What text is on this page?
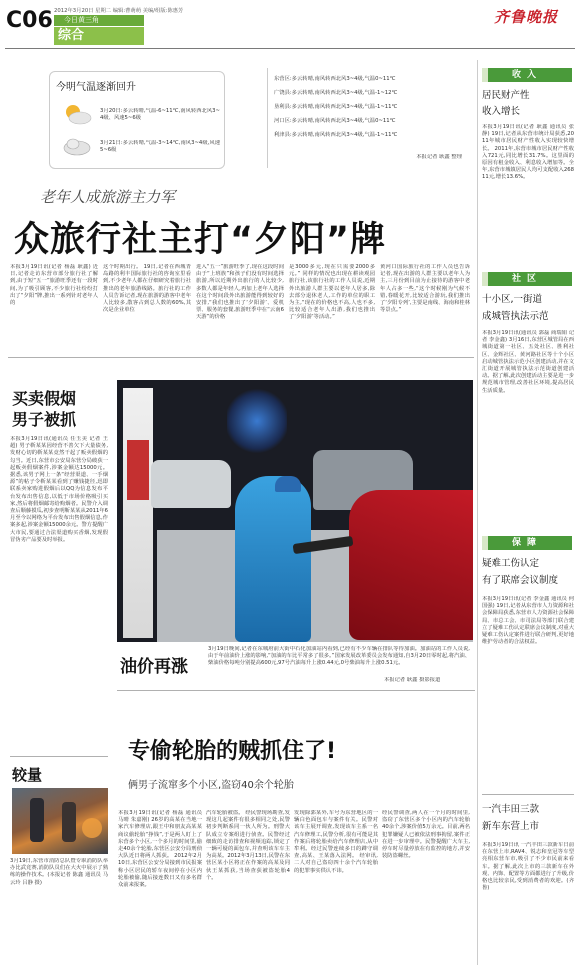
C06 2012年3月20日 星期二 编辑:曹萌萌 美编/组版:陈惠芳
今日黄三角
综合
齐鲁晚报
今明气温逐渐回升
3月20日:多云转晴,气温-6~11℃,南风转西北风3~4级、风速5~6级
3月21日:多云转晴,气温-3~14℃,南风3~4级,风速5~6级
东营区:多云转晴,南风转西北风3~4级,气温0~11℃
广饶县:多云转晴,南风转西北风3~4级,气温-1~12℃
垦利县:多云转晴,南风转西北风3~4级,气温-1~11℃
河口区:多云转晴,南风转西北风3~4级,气温0~11℃
利津县:多云转晴,南风转西北风3~4级,气温-1~11℃
本报记者 耿鑫 整理
老年人成旅游主力军
众旅行社主打“夕阳”牌
本报3月19日讯(记者 杨磊 耿鑫) 近日,记者走访东营市部分旅行社了解到,由于短“五一”旅游旺季还有一段时间,为了吸引顾客,不少旅行社纷纷打出了“夕阳”牌,推出一系列针对老年人的
这个时期出行。 19日,记者在西城青岛路的利丰国际旅行社的咨询室里看到,不少老年人都在仔细研究着旅行社推出的老年旅游线路。旅行社的工作人员告诉记者,现在旅游的游客中老年人比较多,散客占到总人数的60%,其次是企业单位
进入“五一”旅游旺季了,现在这段时间由于“上班族”和孩子们没有时间选择旅游,所以近期外出旅行的人比较少,多数人都是年轻人,再加上老年人选择在这个时间段外出旅游能得到较好的安排,“我们也推出了‘夕阳游’、爱机票、服务的套餐,旅游旺季中在“云南6天游”的价格
是3000多元,现在只需要2000多元。” 同样的情况也出现在耕读观园旅行社,该旅行社的工作人员说,近期外出旅游人群主要以老年人居多,除去部分退休老人,工作的单位的职工为主,“现在的价格也不高,人也不多,比较适合老年人出游,我们也推出了‘夕阳游’等活动。”
黄河口国际旅行社的工作人员也告诉记者,现在出游的人群主要以老年人为主,三月份到目前为止接待的游客中老年人占多一些,“这个时候刚为气候不错,春暖花开,比较适合游玩,我们推出了‘夕阳专列’,主要是南线、海南和桂林等景点。”
买卖假烟
男子被抓
本报3月19日讯(通讯员 任玉美 记者 王超) 男子靳某某因经营不善欠下大量债务,发财心切的靳某某竟然干起了贩卖假烟的勾当。近日,东营市公安局东营分局破获一起贩卖假烟案件,涉案金额达15000元。 据悉,该男子网上一条“经营渠道、一手烟源”的帖子令靳某某看到了赚钱捷径,迅即联系卖家购进假烟后以QQ为信息发布平台发布出售信息,以低于市场价格吸引买家,然后将假烟邮寄给购烟者。民警介入调查后顺藤摸瓜,初步查明靳某某从2011年6月至今以网络为平台发布出售假烟信息,作案多起,涉案金额15000余元。警方提醒广大市民,要通过合法渠道购买香烟,发现假冒伪劣产品要及时举报。
较量
3月19日,东营市消防总队暨专职消防队举办比武竞赛,消防队员们在大火中展示了熟练的操作技术。(本报记者 陈鑫 通讯员 马云玲 吕静 摄)
油价再涨
3月19日晚间,记者在东城府前大街中石化加油站内看到,已经有不少车辆在排队等待加油。加油站的工作人员说,由于年前油价上涨的影响,“加油的车比平常多了很多。”国家发展改革委员会发布通知,自3月20日零时起,将汽油、柴油价格每吨分别提高600元,97号汽油每升上涨0.44元,0号柴油每升上涨0.51元。
本报记者 耿鑫 摄影报道
专偷轮胎的贼抓住了!
俩男子流窜多个小区,盗窃40余个轮胎
本报3月19日讯(记者 杨磊 通讯员 马晴 朱嘉刚) 26岁的高某在当地一家汽车修理店,跟王中和朋友高某某商议偷轮胎“挣钱”,于是两人盯上了东营多个小区,一个多月的时间里,偷走40余个轮胎,东营区公安分局刑侦大队近日将两人抓获。 2012年2月10日,东营区公安分局接到市民报案称小区居民的轿车夜间停在小区内轮胎被偷,随后接连数日又有多名群众前来报案。
汽车轮胎被盗。 经民警现场勘查,发现这几起案件有很多相同之处,民警初步判断系同一伙人所为。刑警大队成立专案组进行侦查。民警经过细致的走访排查和视频追踪,锁定了一辆可疑的面包车,并查明该车车主为高某。2012年3月13日,民警在东营区某小区将正在作案的高某及同伙王某抓获,当场查获被盗轮胎4个。
发现除郭某外,车号为东营地区的一辆白色面包车与案件有关。民警对该车主展开调查,发现该车主系一名汽车修理工,民警分析,很有可能是其作案后将轮胎卖给汽车修理店,从中牟利。经过民警连续多日的蹲守调查,高某、王某落入法网。 经审讯,二人对自己盗窃四十余个汽车轮胎的犯罪事实供认不讳。
经民警调查,两人在一个月的时间里,盗窃了东营区多个小区内的汽车轮胎40余个,涉案价值5万余元。目前,两名犯罪嫌疑人已被依法刑事拘留,案件正在进一步审理中。民警提醒广大车主,停车时尽量停放在有监控的地方,并安装防盗螺丝。
收入
居民财产性
收入增长
本报3月19日讯(记者 耿鑫 通讯员 张静) 19日,记者从东营市统计局获悉,2011年城市居民财产性收入实现较快增长。 2011年,东营市城市居民财产性收入721元,同比增长31.7%。这里面的原因有租金收入、利息收入增加等。全年,东营市城镇居民人均可支配收入26811元,增长13.6%。
社区
十小区,一街道
成城管执法示范
本报3月19日讯(通讯员 郭磊 商瑞娟 记者 李金鑫) 3月16日,东营区城管局在西城街道第一社区、五处社区、胜利社区、金辉社区、黄河路社区等十个小区启动城管执法示范小区创建活动,并在文汇街道开展城管执法示范街道创建活动。据了解,此次创建活动主要是进一步规范城市管理,改善社区环境,提高居民生活质量。
保障
疑难工伤认定
有了联席会议制度
本报3月19日讯(记者 李金鑫 通讯员 何国强) 19日,记者从东营市人力资源和社会保障局获悉,东营市人力资源社会保障局、市总工会、市司法局等部门联合建立了疑难工伤认定联席会议制度,对重大疑难工伤认定案件进行联合研判,更好地维护劳动者的合法权益。
一汽丰田三款
新车东营上市
本报3月19日讯 一汽丰田三款新车日前在东营上市,RAV4、锐志和皇冠等车型亮相东营车市,吸引了不少市民前来看车。据了解,此次上市的三款新车在外观、内饰、配置等方面都进行了升级,价格也比较亲民,受到消费者的欢迎。(齐鲁)
